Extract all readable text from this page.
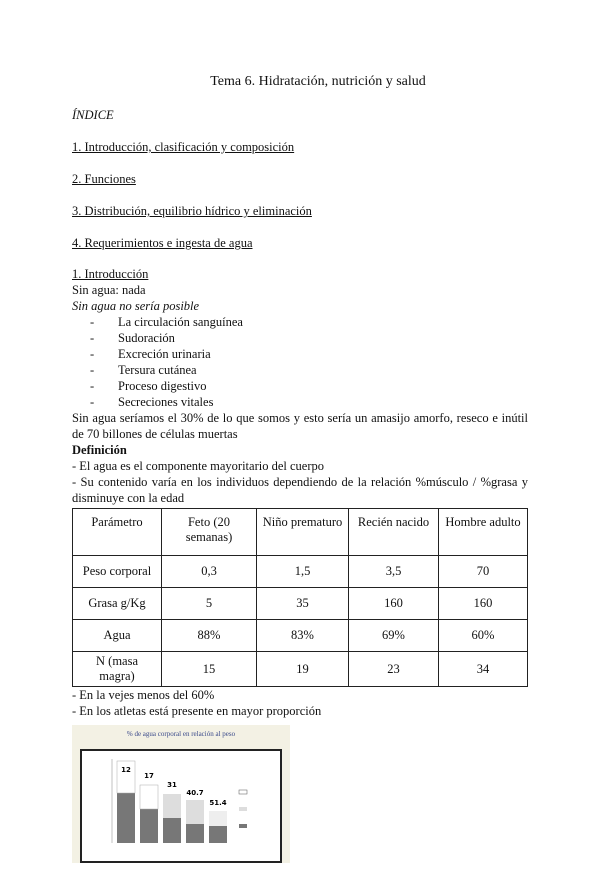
Tema 6. Hidratación, nutrición y salud
ÍNDICE
1. Introducción, clasificación y composición
2. Funciones
3. Distribución, equilibrio hídrico y eliminación
4. Requerimientos e ingesta de agua
1. Introducción
Sin agua: nada
Sin agua no sería posible
- La circulación sanguínea
- Sudoración
- Excreción urinaria
- Tersura cutánea
- Proceso digestivo
- Secreciones vitales
Sin agua seríamos el 30% de lo que somos y esto sería un amasijo amorfo, reseco e inútil de 70 billones de células muertas
Definición
- El agua es el componente mayoritario del cuerpo
- Su contenido varía en los individuos dependiendo de la relación %músculo / %grasa y disminuye con la edad
Parámetro	Feto (20 semanas)	Niño prematuro	Recién nacido	Hombre adulto
Peso corporal	0,3	1,5	3,5	70
Grasa g/Kg	5	35	160	160
Agua	88%	83%	69%	60%
N (masa magra)	15	19	23	34
- En la vejes menos del 60%
- En los atletas está presente en mayor proporción
% de agua corporal en relación al peso
12
17
31
40.7
51.4
